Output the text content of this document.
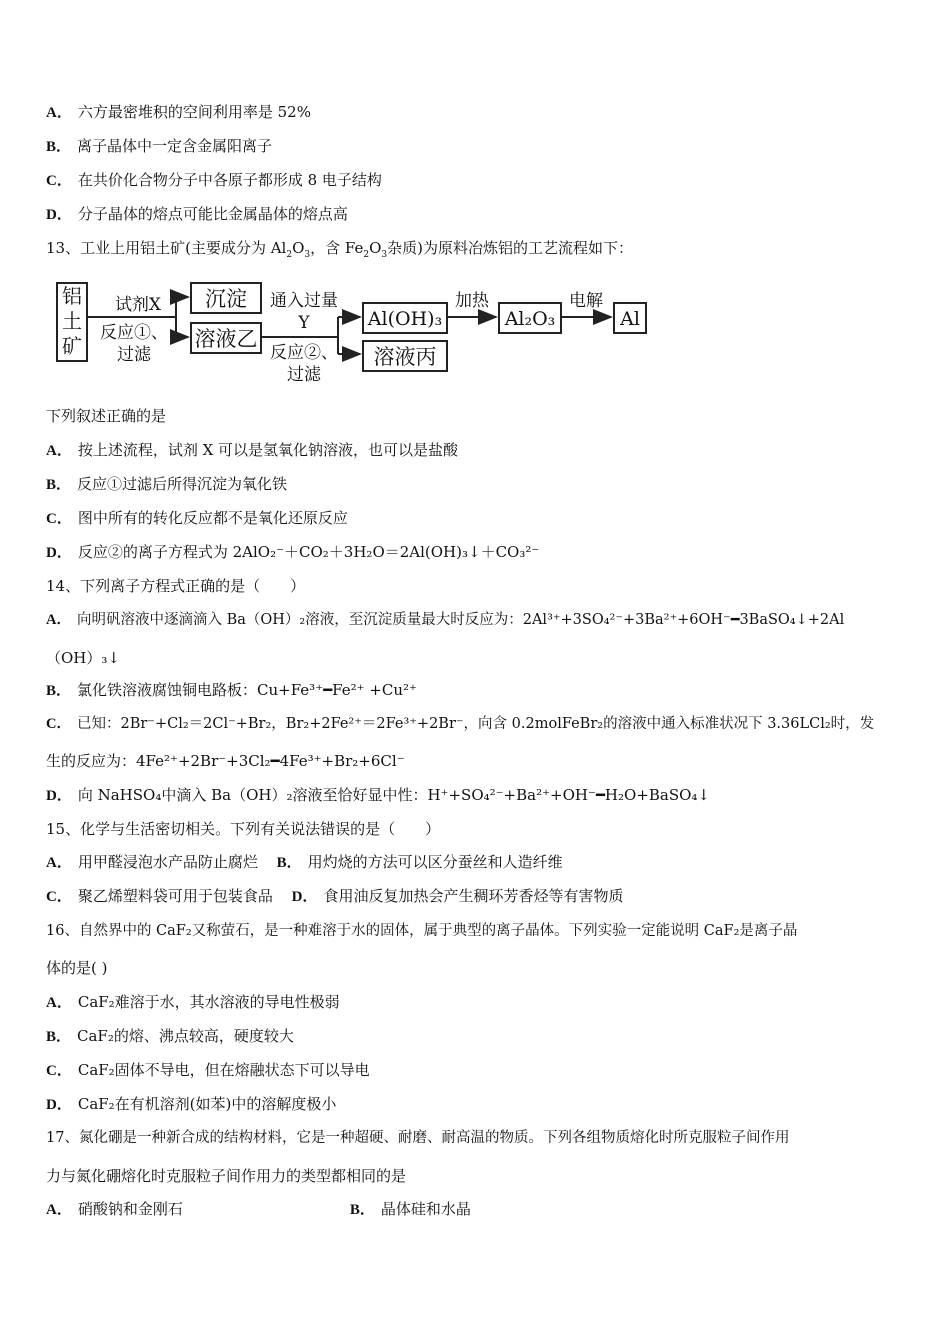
A． 六方最密堆积的空间利用率是 52%
B． 离子晶体中一定含金属阳离子
C． 在共价化合物分子中各原子都形成 8 电子结构
D． 分子晶体的熔点可能比金属晶体的熔点高
13、工业上用铝土矿(主要成分为 $Al_2O_3$，含 $Fe_2O_3$杂质)为原料冶炼铝的工艺流程如下：
铝土矿
试剂X
反应①、过滤
沉淀
溶液乙
通入过量Y
反应②、过滤
Al(OH)₃
溶液丙
加热
Al₂O₃
电解
Al
下列叙述正确的是
A． 按上述流程，试剂 X 可以是氢氧化钠溶液，也可以是盐酸
B． 反应①过滤后所得沉淀为氧化铁
C． 图中所有的转化反应都不是氧化还原反应
D． 反应②的离子方程式为 2AlO₂⁻＋CO₂＋3H₂O＝2Al(OH)₃↓＋CO₃²⁻
14、下列离子方程式正确的是（　　）
A． 向明矾溶液中逐滴滴入 Ba（OH）₂溶液，至沉淀质量最大时反应为：2Al³⁺+3SO₄²⁻+3Ba²⁺+6OH⁻━3BaSO₄↓+2Al
（OH）₃↓
B． 氯化铁溶液腐蚀铜电路板：Cu+Fe³⁺━Fe²⁺ +Cu²⁺
C． 已知：2Br⁻+Cl₂＝2Cl⁻+Br₂，Br₂+2Fe²⁺＝2Fe³⁺+2Br⁻，向含 0.2molFeBr₂的溶液中通入标准状况下 3.36LCl₂时，发
生的反应为：4Fe²⁺+2Br⁻+3Cl₂━4Fe³⁺+Br₂+6Cl⁻
D． 向 NaHSO₄中滴入 Ba（OH）₂溶液至恰好显中性：H⁺+SO₄²⁻+Ba²⁺+OH⁻━H₂O+BaSO₄↓
15、化学与生活密切相关。下列有关说法错误的是（　　）
A． 用甲醛浸泡水产品防止腐烂 B． 用灼烧的方法可以区分蚕丝和人造纤维
C． 聚乙烯塑料袋可用于包装食品 D． 食用油反复加热会产生稠环芳香烃等有害物质
16、自然界中的 CaF₂又称萤石，是一种难溶于水的固体，属于典型的离子晶体。下列实验一定能说明 CaF₂是离子晶
体的是( )
A． CaF₂难溶于水，其水溶液的导电性极弱
B． CaF₂的熔、沸点较高，硬度较大
C． CaF₂固体不导电，但在熔融状态下可以导电
D． CaF₂在有机溶剂(如苯)中的溶解度极小
17、氮化硼是一种新合成的结构材料，它是一种超硬、耐磨、耐高温的物质。下列各组物质熔化时所克服粒子间作用
力与氮化硼熔化时克服粒子间作用力的类型都相同的是
A． 硝酸钠和金刚石	B． 晶体硅和水晶
